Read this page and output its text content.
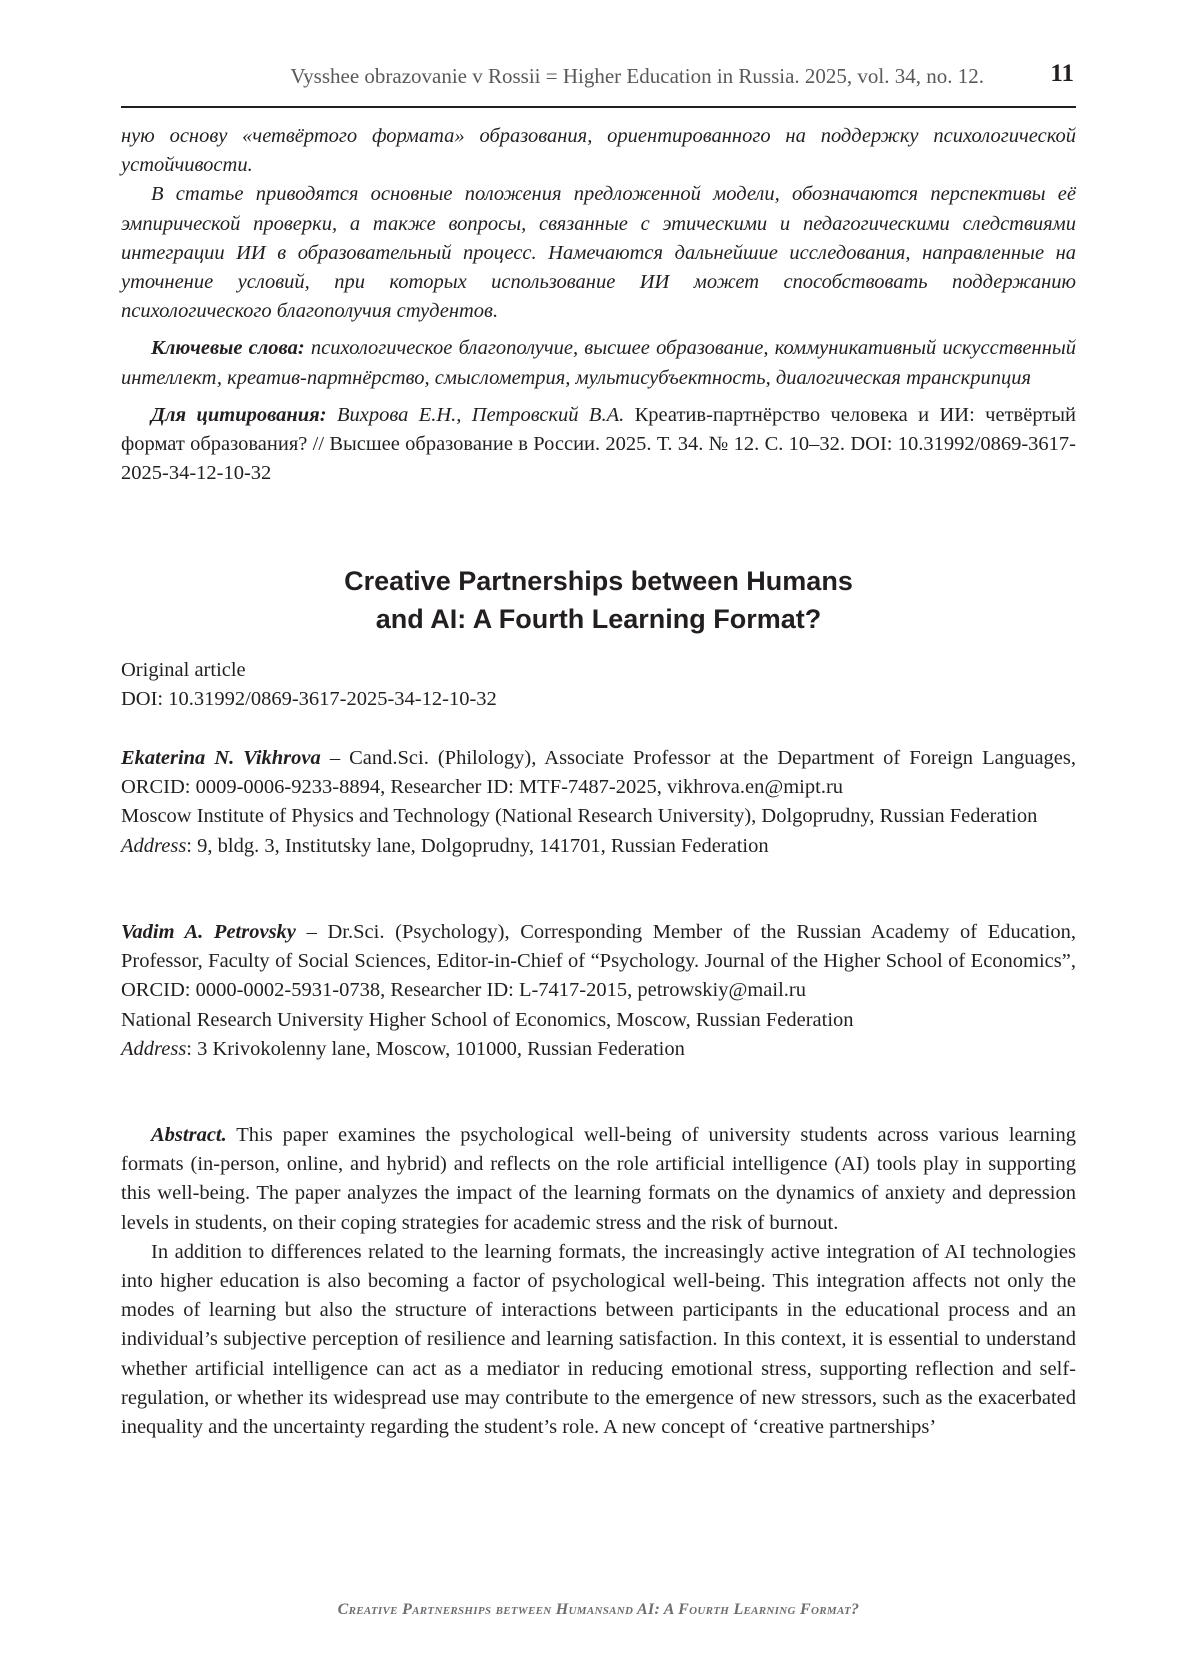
Vysshee obrazovanie v Rossii = Higher Education in Russia. 2025, vol. 34, no. 12.	11

ную основу «четвёртого формата» образования, ориентированного на поддержку психологической устойчивости.

В статье приводятся основные положения предложенной модели, обозначаются перспективы её эмпирической проверки, а также вопросы, связанные с этическими и педагогическими следствиями интеграции ИИ в образовательный процесс. Намечаются дальнейшие исследования, направленные на уточнение условий, при которых использование ИИ может способствовать поддержанию психологического благополучия студентов.

Ключевые слова: психологическое благополучие, высшее образование, коммуникативный искусственный интеллект, креатив-партнёрство, смыслометрия, мультисубъектность, диалогическая транскрипция

Для цитирования: Вихрова Е.Н., Петровский В.А. Креатив-партнёрство человека и ИИ: четвёртый формат образования? // Высшее образование в России. 2025. Т. 34. № 12. С. 10–32. DOI: 10.31992/0869-3617-2025-34-12-10-32

Creative Partnerships between Humans
and AI: A Fourth Learning Format?

Original article

DOI: 10.31992/0869-3617-2025-34-12-10-32

Ekaterina N. Vikhrova – Cand.Sci. (Philology), Associate Professor at the Department of Foreign Languages, ORCID: 0009-0006-9233-8894, Researcher ID: MTF-7487-2025, vikhrova.en@mipt.ru

Moscow Institute of Physics and Technology (National Research University), Dolgoprudny, Russian Federation

Address: 9, bldg. 3, Institutsky lane, Dolgoprudny, 141701, Russian Federation

Vadim A. Petrovsky – Dr.Sci. (Psychology), Corresponding Member of the Russian Academy of Education, Professor, Faculty of Social Sciences, Editor-in-Chief of “Psychology. Journal of the Higher School of Economics”, ORCID: 0000-0002-5931-0738, Researcher ID: L-7417-2015, petrowskiy@mail.ru

National Research University Higher School of Economics, Moscow, Russian Federation

Address: 3 Krivokolenny lane, Moscow, 101000, Russian Federation

Abstract. This paper examines the psychological well-being of university students across various learning formats (in-person, online, and hybrid) and reflects on the role artificial intelligence (AI) tools play in supporting this well-being. The paper analyzes the impact of the learning formats on the dynamics of anxiety and depression levels in students, on their coping strategies for academic stress and the risk of burnout.

In addition to differences related to the learning formats, the increasingly active integration of AI technologies into higher education is also becoming a factor of psychological well-being. This integration affects not only the modes of learning but also the structure of interactions between participants in the educational process and an individual’s subjective perception of resilience and learning satisfaction. In this context, it is essential to understand whether artificial intelligence can act as a mediator in reducing emotional stress, supporting reflection and self-regulation, or whether its widespread use may contribute to the emergence of new stressors, such as the exacerbated inequality and the uncertainty regarding the student’s role. A new concept of ‘creative partnerships’

Creative Partnerships between Humansand AI: A Fourth Learning Format?
